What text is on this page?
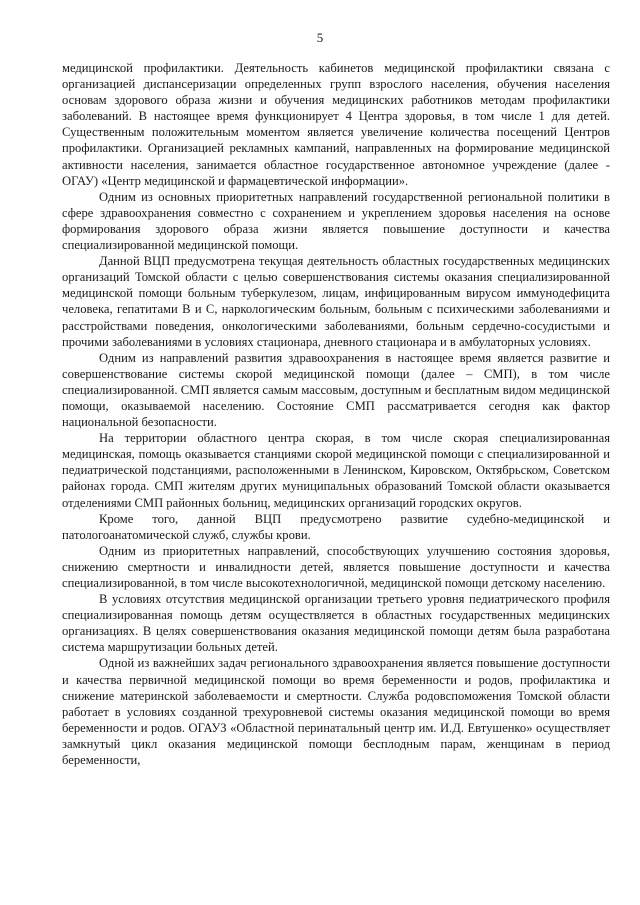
5

медицинской профилактики. Деятельность кабинетов медицинской профилактики связана с организацией диспансеризации определенных групп взрослого населения, обучения населения основам здорового образа жизни и обучения медицинских работников методам профилактики заболеваний. В настоящее время функционирует 4 Центра здоровья, в том числе 1 для детей. Существенным положительным моментом является увеличение количества посещений Центров профилактики. Организацией рекламных кампаний, направленных на формирование медицинской активности населения, занимается областное государственное автономное учреждение (далее - ОГАУ) «Центр медицинской и фармацевтической информации».

Одним из основных приоритетных направлений государственной региональной политики в сфере здравоохранения совместно с сохранением и укреплением здоровья населения на основе формирования здорового образа жизни является повышение доступности и качества специализированной медицинской помощи.

Данной ВЦП предусмотрена текущая деятельность областных государственных медицинских организаций Томской области с целью совершенствования системы оказания специализированной медицинской помощи больным туберкулезом, лицам, инфицированным вирусом иммунодефицита человека, гепатитами B и C, наркологическим больным, больным с психическими заболеваниями и расстройствами поведения, онкологическими заболеваниями, больным сердечно-сосудистыми и прочими заболеваниями в условиях стационара, дневного стационара и в амбулаторных условиях.

Одним из направлений развития здравоохранения в настоящее время является развитие и совершенствование системы скорой медицинской помощи (далее – СМП), в том числе специализированной. СМП является самым массовым, доступным и бесплатным видом медицинской помощи, оказываемой населению. Состояние СМП рассматривается сегодня как фактор национальной безопасности.

На территории областного центра скорая, в том числе скорая специализированная медицинская, помощь оказывается станциями скорой медицинской помощи с специализированной и педиатрической подстанциями, расположенными в Ленинском, Кировском, Октябрьском, Советском районах города. СМП жителям других муниципальных образований Томской области оказывается отделениями СМП районных больниц, медицинских организаций городских округов.

Кроме того, данной ВЦП предусмотрено развитие судебно-медицинской и патологоанатомической служб, службы крови.

Одним из приоритетных направлений, способствующих улучшению состояния здоровья, снижению смертности и инвалидности детей, является повышение доступности и качества специализированной, в том числе высокотехнологичной, медицинской помощи детскому населению.

В условиях отсутствия медицинской организации третьего уровня педиатрического профиля специализированная помощь детям осуществляется в областных государственных медицинских организациях. В целях совершенствования оказания медицинской помощи детям была разработана система маршрутизации больных детей.

Одной из важнейших задач регионального здравоохранения является повышение доступности и качества первичной медицинской помощи во время беременности и родов, профилактика и снижение материнской заболеваемости и смертности. Служба родовспоможения Томской области работает в условиях созданной трехуровневой системы оказания медицинской помощи во время беременности и родов. ОГАУЗ «Областной перинатальный центр им. И.Д. Евтушенко» осуществляет замкнутый цикл оказания медицинской помощи бесплодным парам, женщинам в период беременности,
